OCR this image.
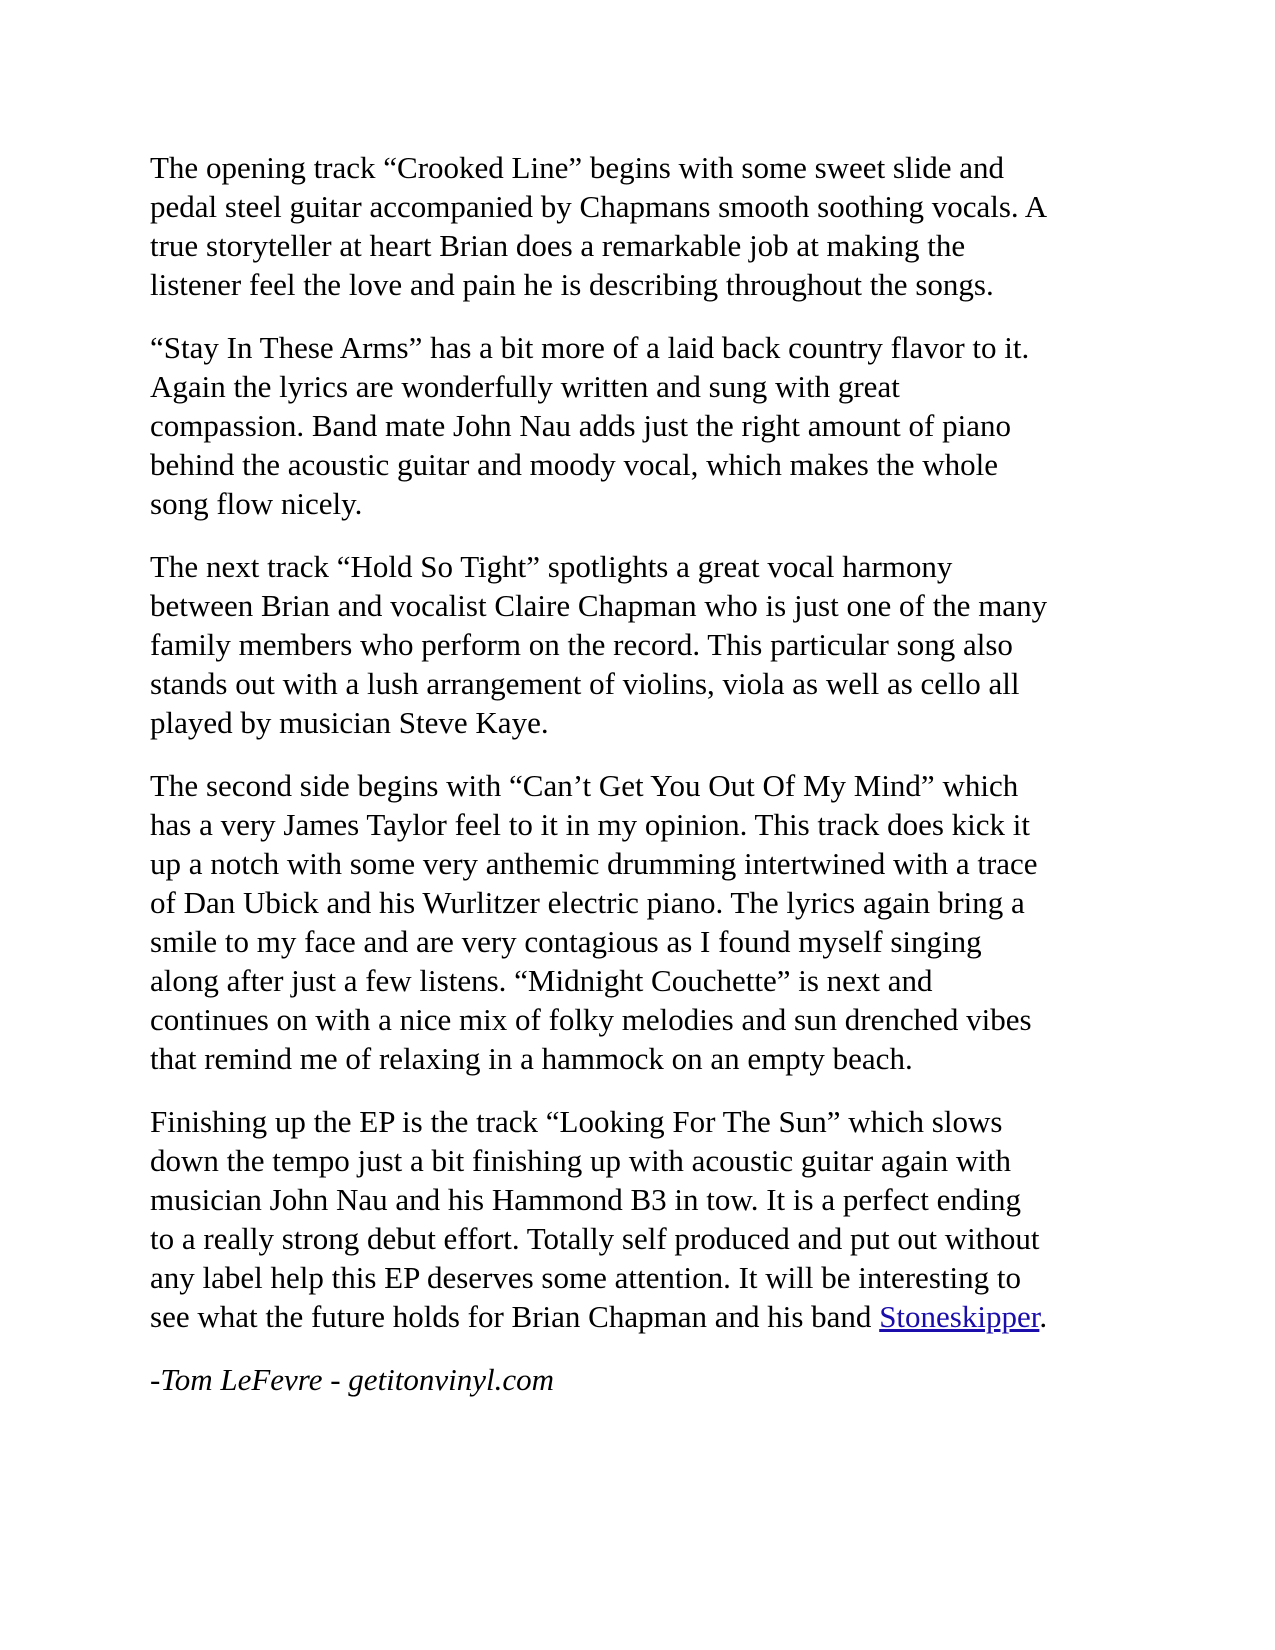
The opening track “Crooked Line” begins with some sweet slide and
pedal steel guitar accompanied by Chapmans smooth soothing vocals. A
true storyteller at heart Brian does a remarkable job at making the
listener feel the love and pain he is describing throughout the songs.

“Stay In These Arms” has a bit more of a laid back country flavor to it.
Again the lyrics are wonderfully written and sung with great
compassion. Band mate John Nau adds just the right amount of piano
behind the acoustic guitar and moody vocal, which makes the whole
song flow nicely.

The next track “Hold So Tight” spotlights a great vocal harmony
between Brian and vocalist Claire Chapman who is just one of the many
family members who perform on the record. This particular song also
stands out with a lush arrangement of violins, viola as well as cello all
played by musician Steve Kaye.

The second side begins with “Can’t Get You Out Of My Mind” which
has a very James Taylor feel to it in my opinion. This track does kick it
up a notch with some very anthemic drumming intertwined with a trace
of Dan Ubick and his Wurlitzer electric piano. The lyrics again bring a
smile to my face and are very contagious as I found myself singing
along after just a few listens. “Midnight Couchette” is next and
continues on with a nice mix of folky melodies and sun drenched vibes
that remind me of relaxing in a hammock on an empty beach.

Finishing up the EP is the track “Looking For The Sun” which slows
down the tempo just a bit finishing up with acoustic guitar again with
musician John Nau and his Hammond B3 in tow. It is a perfect ending
to a really strong debut effort. Totally self produced and put out without
any label help this EP deserves some attention. It will be interesting to
see what the future holds for Brian Chapman and his band Stoneskipper.

-Tom LeFevre - getitonvinyl.com
